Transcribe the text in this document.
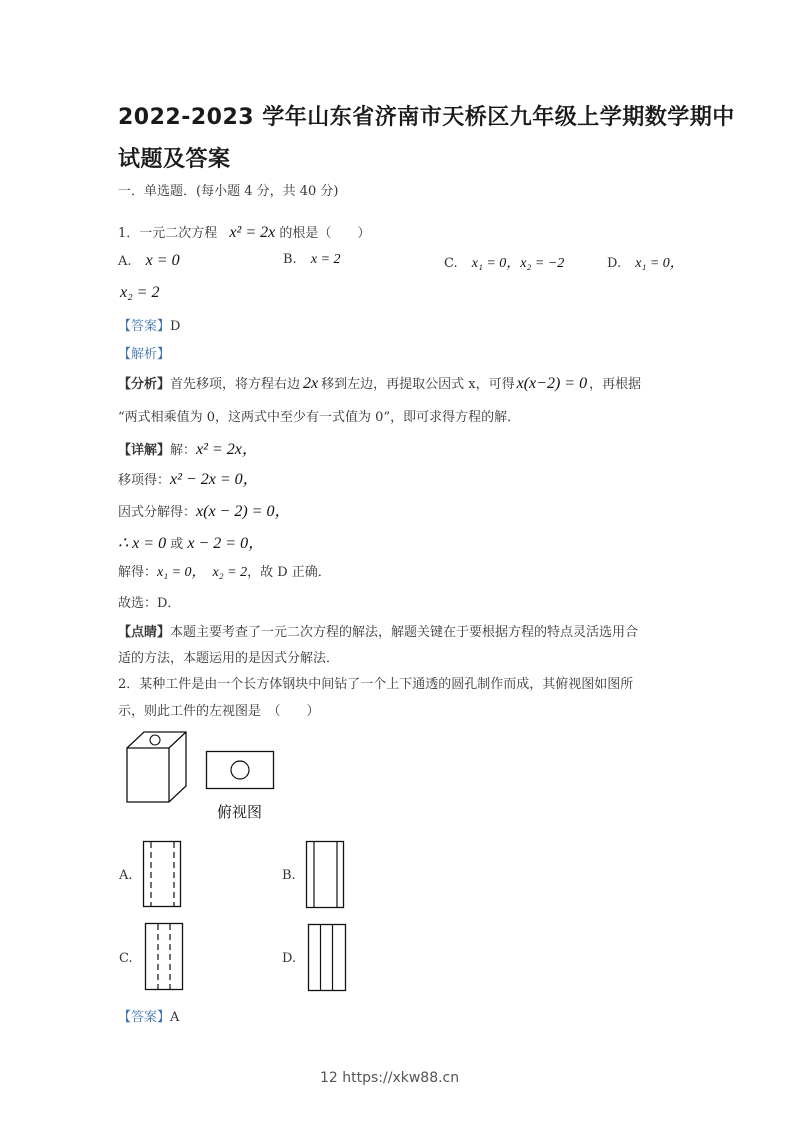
2022-2023 学年山东省济南市天桥区九年级上学期数学期中
试题及答案
一．单选题．(每小题 4 分，共 40 分)
1．一元二次方程 x² = 2x 的根是（　　）
A. x = 0	B. x = 2	C. x₁ = 0，x₂ = −2	D. x₁ = 0，
x₂ = 2
【答案】D
【解析】
【分析】首先移项，将方程右边 2x 移到左边，再提取公因式 x，可得 x(x−2) = 0 ，再根据
“两式相乘值为 0，这两式中至少有一式值为 0”，即可求得方程的解．
【详解】解：x² = 2x，
移项得：x² − 2x = 0，
因式分解得：x(x − 2) = 0，
∴ x = 0 或 x − 2 = 0，
解得：x₁ = 0，　x₂ = 2，故 D 正确．
故选：D．
【点睛】本题主要考查了一元二次方程的解法，解题关键在于要根据方程的特点灵活选用合
适的方法，本题运用的是因式分解法．
2．某种工件是由一个长方体钢块中间钻了一个上下通透的圆孔制作而成，其俯视图如图所
示，则此工件的左视图是　（　　）
俯视图
A.	B.
C.	D.
【答案】A
12 https://xkw88.cn
